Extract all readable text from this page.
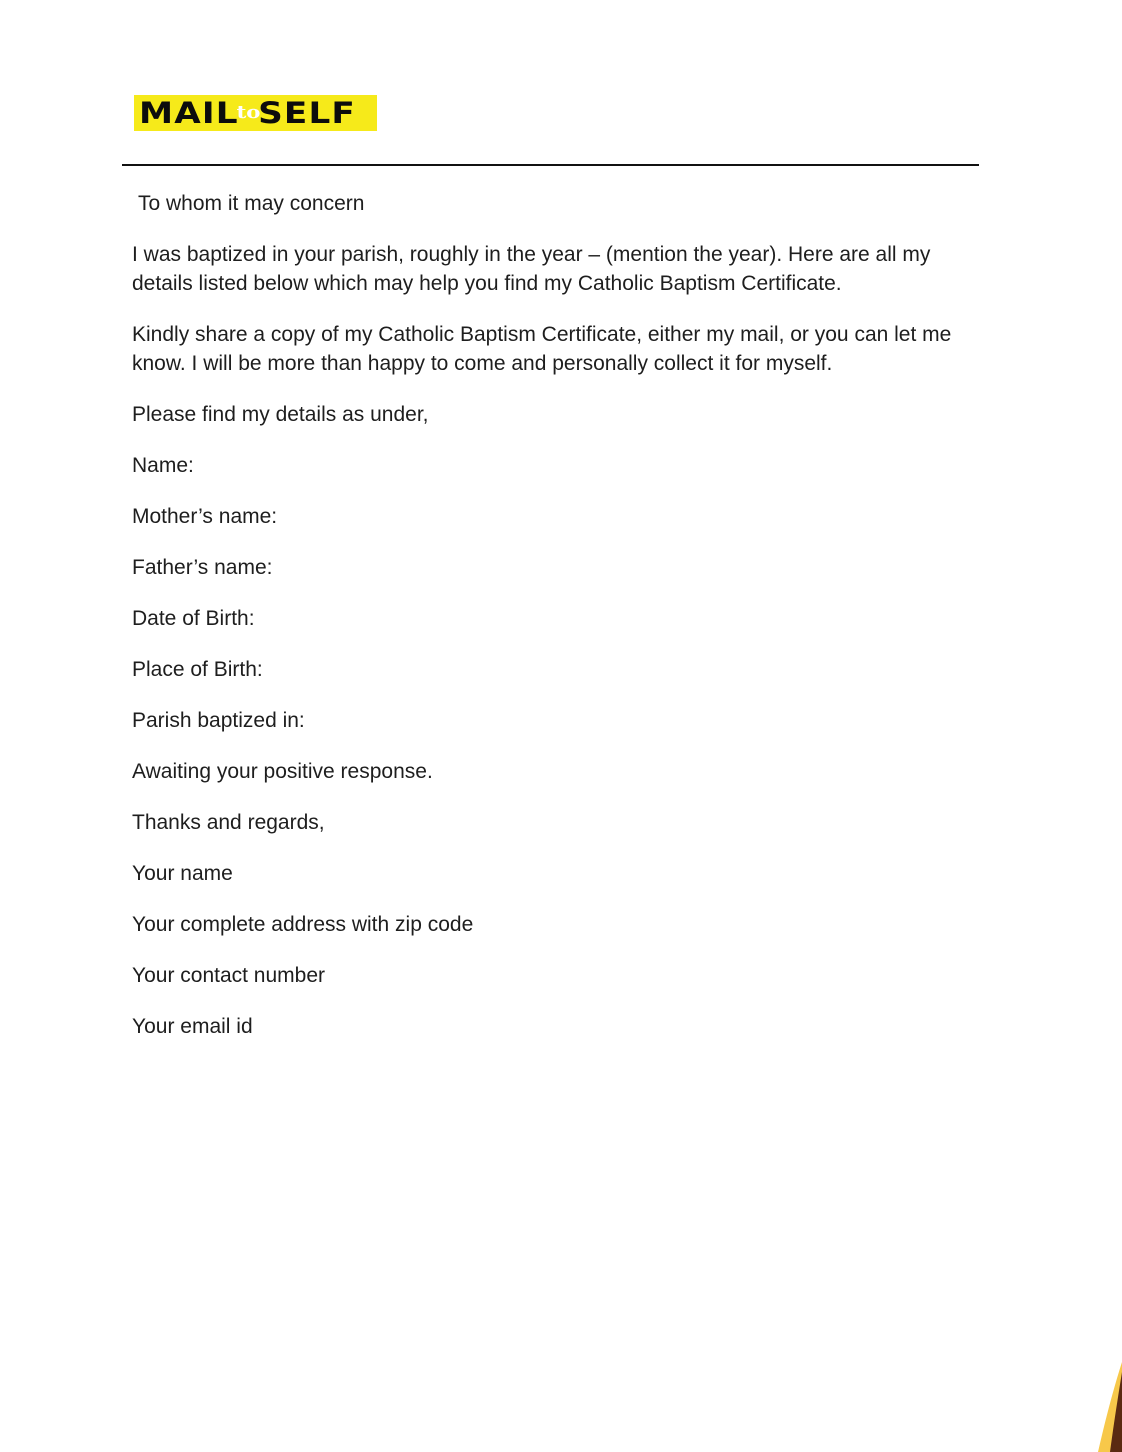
MAIL
to
SELF

To whom it may concern

I was baptized in your parish, roughly in the year – (mention the year). Here are all my details listed below which may help you find my Catholic Baptism Certificate.

Kindly share a copy of my Catholic Baptism Certificate, either my mail, or you can let me know. I will be more than happy to come and personally collect it for myself.

Please find my details as under,

Name:

Mother’s name:

Father’s name:

Date of Birth:

Place of Birth:

Parish baptized in:

Awaiting your positive response.

Thanks and regards,

Your name

Your complete address with zip code

Your contact number

Your email id
